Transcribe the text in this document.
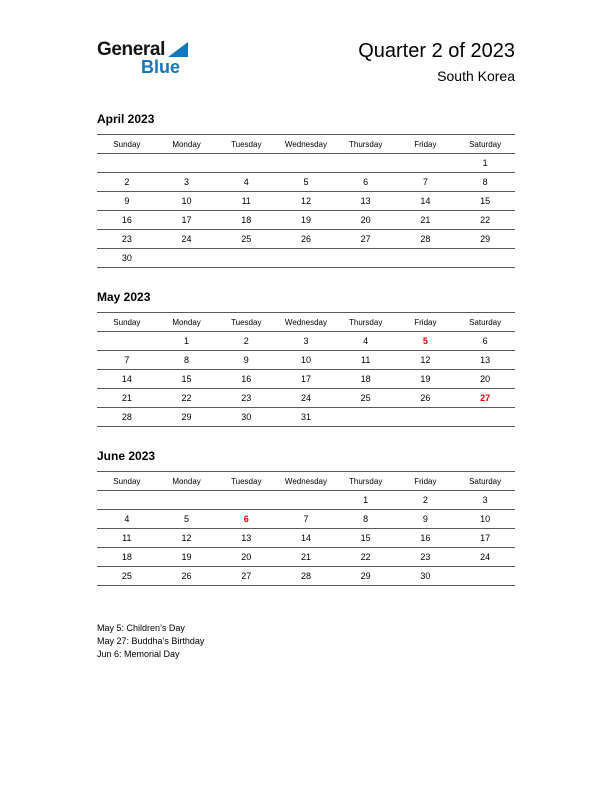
General
Blue
Quarter 2 of 2023
South Korea
April 2023
Sunday	Monday	Tuesday	Wednesday	Thursday	Friday	Saturday
						1
2	3	4	5	6	7	8
9	10	11	12	13	14	15
16	17	18	19	20	21	22
23	24	25	26	27	28	29
30						
May 2023
Sunday	Monday	Tuesday	Wednesday	Thursday	Friday	Saturday
	1	2	3	4	5	6
7	8	9	10	11	12	13
14	15	16	17	18	19	20
21	22	23	24	25	26	27
28	29	30	31			
June 2023
Sunday	Monday	Tuesday	Wednesday	Thursday	Friday	Saturday
				1	2	3
4	5	6	7	8	9	10
11	12	13	14	15	16	17
18	19	20	21	22	23	24
25	26	27	28	29	30	
May 5: Children’s Day
May 27: Buddha’s Birthday
Jun 6: Memorial Day
